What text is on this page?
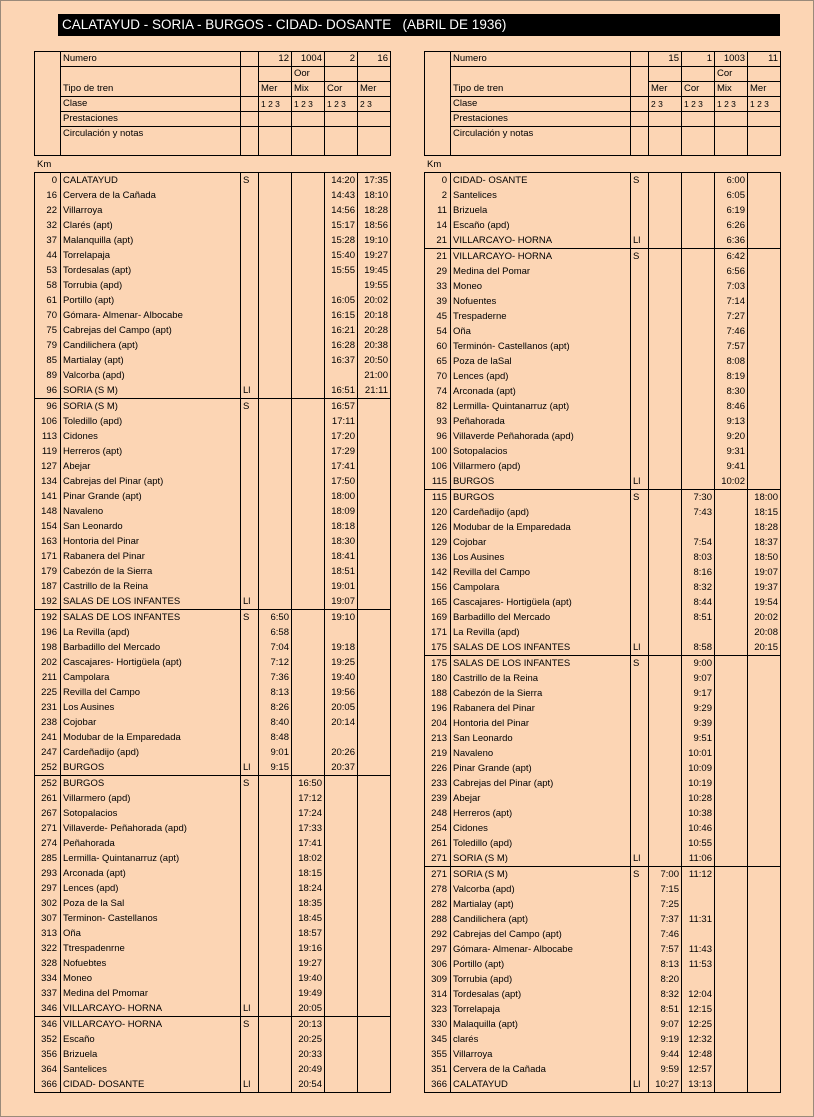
CALATAYUD - SORIA - BURGOS - CIDAD- DOSANTE   (ABRIL DE 1936)
	Numero		12	1004	2	16
	Tipo de tren			Oor		
			Mer	Mix	Cor	Mer
	Clase		1 2 3	1 2 3	1 2 3	2 3
	Prestaciones					
	Circulación y notas					
Km
0	CALATAYUD	S			14:20	17:35
16	Cervera de la Cañada				14:43	18:10
22	Villarroya				14:56	18:28
32	Clarés (apt)				15:17	18:56
37	Malanquilla (apt)				15:28	19:10
44	Torrelapaja				15:40	19:27
53	Tordesalas (apt)				15:55	19:45
58	Torrubia (apd)					19:55
61	Portillo (apt)				16:05	20:02
70	Gómara- Almenar- Albocabe				16:15	20:18
75	Cabrejas del Campo (apt)				16:21	20:28
79	Candilichera (apt)				16:28	20:38
85	Martialay (apt)				16:37	20:50
89	Valcorba (apd)					21:00
96	SORIA (S M)	Ll			16:51	21:11
96	SORIA (S M)	S			16:57	
106	Toledillo (apd)				17:11	
113	Cidones				17:20	
119	Herreros (apt)				17:29	
127	Abejar				17:41	
134	Cabrejas del Pinar (apt)				17:50	
141	Pinar Grande (apt)				18:00	
148	Navaleno				18:09	
154	San Leonardo				18:18	
163	Hontoria del Pinar				18:30	
171	Rabanera del Pinar				18:41	
179	Cabezón de la Sierra				18:51	
187	Castrillo de la Reina				19:01	
192	SALAS DE LOS INFANTES	Ll			19:07	
192	SALAS DE LOS INFANTES	S	6:50		19:10	
196	La Revilla (apd)		6:58			
198	Barbadillo del Mercado		7:04		19:18	
202	Cascajares- Hortigüela (apt)		7:12		19:25	
211	Campolara		7:36		19:40	
225	Revilla del Campo		8:13		19:56	
231	Los Ausines		8:26		20:05	
238	Cojobar		8:40		20:14	
241	Modubar de la Emparedada		8:48			
247	Cardeñadijo (apd)		9:01		20:26	
252	BURGOS	Ll	9:15		20:37	
252	BURGOS	S		16:50		
261	Villarmero (apd)			17:12		
267	Sotopalacios			17:24		
271	Villaverde- Peñahorada (apd)			17:33		
274	Peñahorada			17:41		
285	Lermilla- Quintanarruz (apt)			18:02		
293	Arconada (apt)			18:15		
297	Lences (apd)			18:24		
302	Poza de la Sal			18:35		
307	Terminon- Castellanos			18:45		
313	Oña			18:57		
322	Ttrespadenrne			19:16		
328	Nofuebtes			19:27		
334	Moneo			19:40		
337	Medina del Pmomar			19:49		
346	VILLARCAYO- HORNA	Ll		20:05		
346	VILLARCAYO- HORNA	S		20:13		
352	Escaño			20:25		
356	Brizuela			20:33		
364	Santelices			20:49		
366	CIDAD- DOSANTE	Ll		20:54		
	Numero		15	1	1003	11
	Tipo de tren				Cor	
			Mer	Cor	Mix	Mer
	Clase		2 3	1 2 3	1 2 3	1 2 3
	Prestaciones					
	Circulación y notas					
Km
0	CIDAD- OSANTE	S			6:00	
2	Santelices				6:05	
11	Brizuela				6:19	
14	Escaño (apd)				6:26	
21	VILLARCAYO- HORNA	Ll			6:36	
21	VILLARCAYO- HORNA	S			6:42	
29	Medina del Pomar				6:56	
33	Moneo				7:03	
39	Nofuentes				7:14	
45	Trespaderne				7:27	
54	Oña				7:46	
60	Terminón- Castellanos (apt)				7:57	
65	Poza de laSal				8:08	
70	Lences (apd)				8:19	
74	Arconada (apt)				8:30	
82	Lermilla- Quintanarruz (apt)				8:46	
93	Peñahorada				9:13	
96	Villaverde Peñahorada (apd)				9:20	
100	Sotopalacios				9:31	
106	Villarmero (apd)				9:41	
115	BURGOS	Ll			10:02	
115	BURGOS	S		7:30		18:00
120	Cardeñadijo (apd)			7:43		18:15
126	Modubar de la Emparedada					18:28
129	Cojobar			7:54		18:37
136	Los Ausines			8:03		18:50
142	Revilla del Campo			8:16		19:07
156	Campolara			8:32		19:37
165	Cascajares- Hortigüela (apt)			8:44		19:54
169	Barbadillo del Mercado			8:51		20:02
171	La Revilla (apd)					20:08
175	SALAS DE LOS INFANTES	Ll		8:58		20:15
175	SALAS DE LOS INFANTES	S		9:00		
180	Castrillo de la Reina			9:07		
188	Cabezón de la Sierra			9:17		
196	Rabanera del Pinar			9:29		
204	Hontoria del Pinar			9:39		
213	San Leonardo			9:51		
219	Navaleno			10:01		
226	Pinar Grande (apt)			10:09		
233	Cabrejas del Pinar (apt)			10:19		
239	Abejar			10:28		
248	Herreros (apt)			10:38		
254	Cidones			10:46		
261	Toledillo (apd)			10:55		
271	SORIA (S M)	Ll		11:06		
271	SORIA (S M)	S	7:00	11:12		
278	Valcorba (apd)		7:15			
282	Martialay (apt)		7:25			
288	Candilichera (apt)		7:37	11:31		
292	Cabrejas del Campo (apt)		7:46			
297	Gómara- Almenar- Albocabe		7:57	11:43		
306	Portillo (apt)		8:13	11:53		
309	Torrubia (apd)		8:20			
314	Tordesalas (apt)		8:32	12:04		
323	Torrelapaja		8:51	12:15		
330	Malaquilla (apt)		9:07	12:25		
345	clarés		9:19	12:32		
355	Villarroya		9:44	12:48		
351	Cervera de la Cañada		9:59	12:57		
366	CALATAYUD	Ll	10:27	13:13		
